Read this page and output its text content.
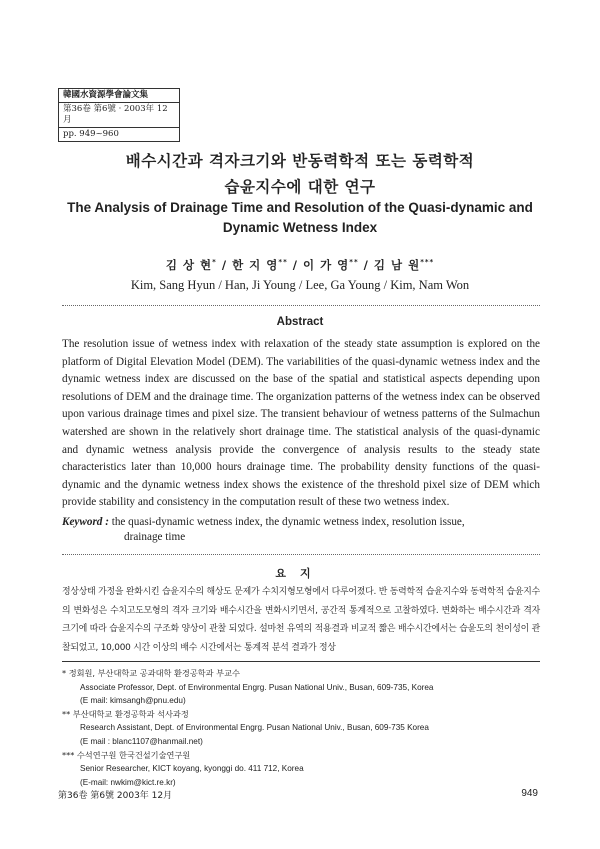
韓國水資源學會論文集
第36卷 第6號 · 2003年 12月
pp. 949~960
배수시간과 격자크기와 반동력학적 또는 동력학적
습윤지수에 대한 연구
The Analysis of Drainage Time and Resolution of the Quasi-dynamic and
Dynamic Wetness Index
김 상 현* / 한 지 영** / 이 가 영** / 김 남 원***
Kim, Sang Hyun / Han, Ji Young / Lee, Ga Young / Kim, Nam Won
Abstract

The resolution issue of wetness index with relaxation of the steady state assumption is explored on the platform of Digital Elevation Model (DEM). The variabilities of the quasi-dynamic wetness index and the dynamic wetness index are discussed on the base of the spatial and statistical aspects depending upon resolutions of DEM and the drainage time. The organization patterns of the wetness index can be observed upon various drainage times and pixel size. The transient behaviour of wetness patterns of the Sulmachun watershed are shown in the relatively short drainage time. The statistical analysis of the quasi-dynamic and dynamic wetness analysis provide the convergence of analysis results to the steady state characteristics later than 10,000 hours drainage time. The probability density functions of the quasi-dynamic and the dynamic wetness index shows the existence of the threshold pixel size of DEM which provide stability and consistency in the computation result of these two wetness index.

Keyword : the quasi-dynamic wetness index, the dynamic wetness index, resolution issue,
drainage time
요지

정상상태 가정을 완화시킨 습윤지수의 해상도 문제가 수치지형모형에서 다루어졌다. 반 동력학적 습윤지수와 동력학적 습윤지수의 변화성은 수치고도모형의 격자 크기와 배수시간을 변화시키면서, 공간적 통계적으로 고찰하였다. 변화하는 배수시간과 격자크기에 따라 습윤지수의 구조화 양상이 관찰 되었다. 설마천 유역의 적용결과 비교적 짧은 배수시간에서는 습윤도의 천이성이 관찰되었고, 10,000 시간 이상의 배수 시간에서는 통계적 분석 결과가 정상

* 정회원, 부산대학교 공과대학 환경공학과 부교수
Associate Professor, Dept. of Environmental Engrg. Pusan National Univ., Busan, 609-735, Korea
(E mail: kimsangh@pnu.edu)
** 부산대학교 환경공학과 석사과정
Research Assistant, Dept. of Environmental Engrg. Pusan National Univ., Busan, 609-735 Korea
(E mail : blanc1107@hanmail.net)
*** 수석연구원 한국건설기술연구원
Senior Researcher, KICT koyang, kyonggi do. 411 712, Korea
(E-mail: nwkim@kict.re.kr)
第36卷 第6號 2003年 12月	949
